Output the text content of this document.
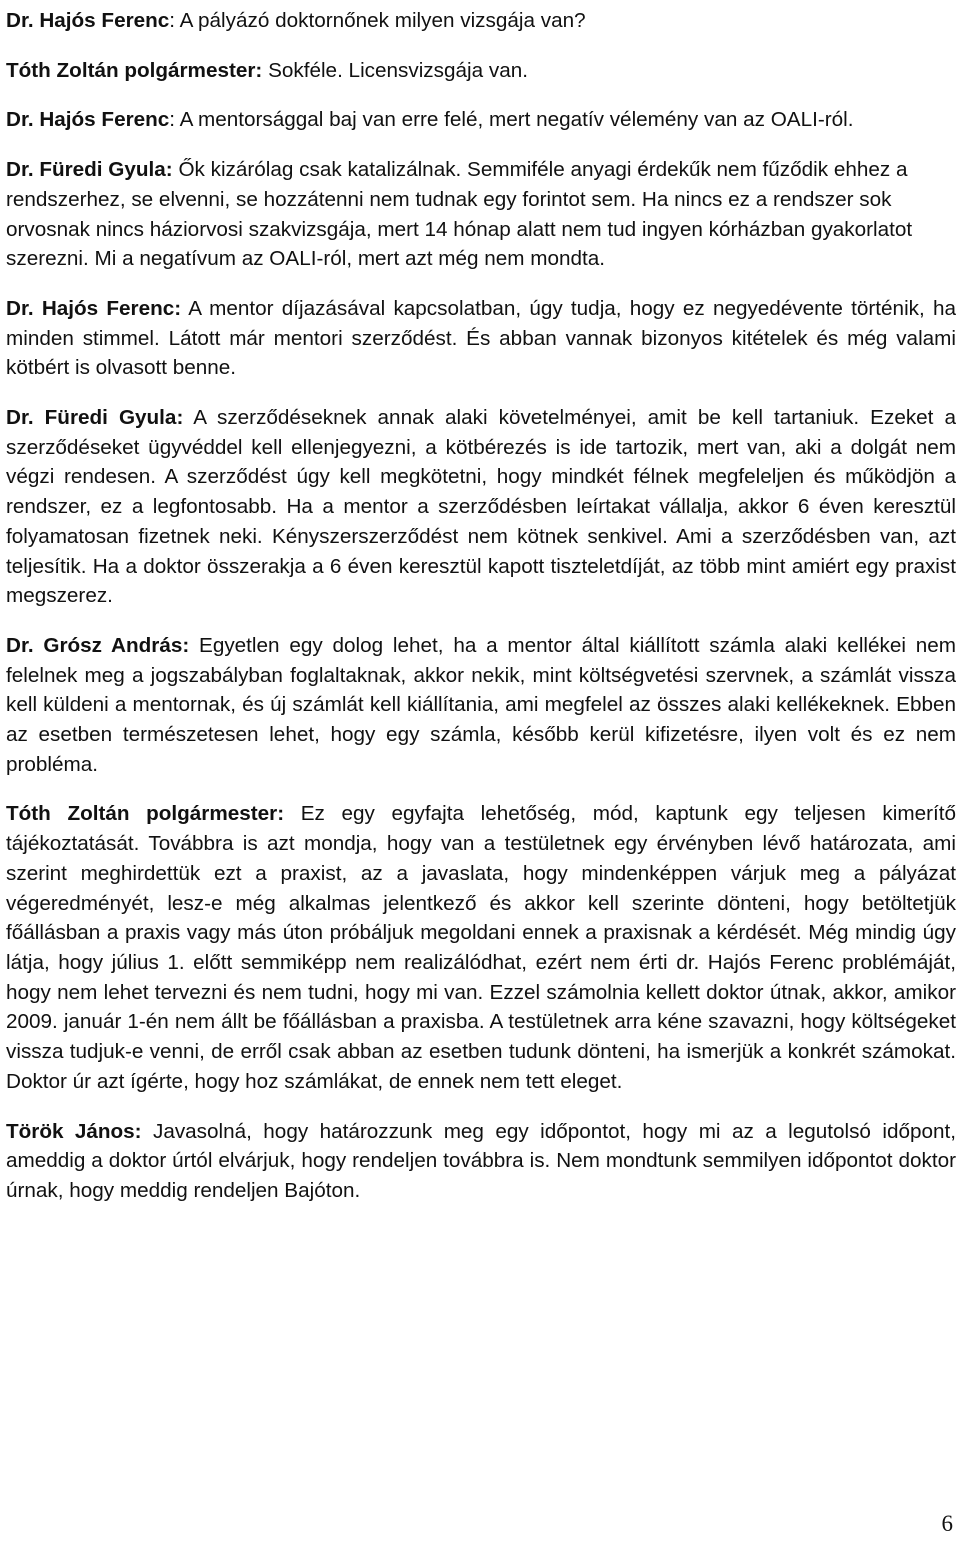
Dr. Hajós Ferenc: A pályázó doktornőnek milyen vizsgája van?

Tóth Zoltán polgármester: Sokféle. Licensvizsgája van.

Dr. Hajós Ferenc: A mentorsággal baj van erre felé, mert negatív vélemény van az OALI-ról.

Dr. Füredi Gyula: Ők kizárólag csak katalizálnak. Semmiféle anyagi érdekűk nem fűződik ehhez a rendszerhez, se elvenni, se hozzátenni nem tudnak egy forintot sem. Ha nincs ez a rendszer sok orvosnak nincs háziorvosi szakvizsgája, mert 14 hónap alatt nem tud ingyen kórházban gyakorlatot szerezni. Mi a negatívum az OALI-ról, mert azt még nem mondta.

Dr. Hajós Ferenc: A mentor díjazásával kapcsolatban, úgy tudja, hogy ez negyedévente történik, ha minden stimmel. Látott már mentori szerződést. És abban vannak bizonyos kitételek és még valami kötbért is olvasott benne.

Dr. Füredi Gyula: A szerződéseknek annak alaki követelményei, amit be kell tartaniuk. Ezeket a szerződéseket ügyvéddel kell ellenjegyezni, a kötbérezés is ide tartozik, mert van, aki a dolgát nem végzi rendesen. A szerződést úgy kell megkötetni, hogy mindkét félnek megfeleljen és működjön a rendszer, ez a legfontosabb. Ha a mentor a szerződésben leírtakat vállalja, akkor 6 éven keresztül folyamatosan fizetnek neki. Kényszerszerződést nem kötnek senkivel. Ami a szerződésben van, azt teljesítik. Ha a doktor összerakja a 6 éven keresztül kapott tiszteletdíját, az több mint amiért egy praxist megszerez.

Dr. Grósz András: Egyetlen egy dolog lehet, ha a mentor által kiállított számla alaki kellékei nem felelnek meg a jogszabályban foglaltaknak, akkor nekik, mint költségvetési szervnek, a számlát vissza kell küldeni a mentornak, és új számlát kell kiállítania, ami megfelel az összes alaki kellékeknek. Ebben az esetben természetesen lehet, hogy egy számla, később kerül kifizetésre, ilyen volt és ez nem probléma.

Tóth Zoltán polgármester: Ez egy egyfajta lehetőség, mód, kaptunk egy teljesen kimerítő tájékoztatását. Továbbra is azt mondja, hogy van a testületnek egy érvényben lévő határozata, ami szerint meghirdettük ezt a praxist, az a javaslata, hogy mindenképpen várjuk meg a pályázat végeredményét, lesz-e még alkalmas jelentkező és akkor kell szerinte dönteni, hogy betöltetjük főállásban a praxis vagy más úton próbáljuk megoldani ennek a praxisnak a kérdését. Még mindig úgy látja, hogy július 1. előtt semmiképp nem realizálódhat, ezért nem érti dr. Hajós Ferenc problémáját, hogy nem lehet tervezni és nem tudni, hogy mi van. Ezzel számolnia kellett doktor útnak, akkor, amikor 2009. január 1-én nem állt be főállásban a praxisba. A testületnek arra kéne szavazni, hogy költségeket vissza tudjuk-e venni, de erről csak abban az esetben tudunk dönteni, ha ismerjük a konkrét számokat. Doktor úr azt ígérte, hogy hoz számlákat, de ennek nem tett eleget.

Török János: Javasolná, hogy határozzunk meg egy időpontot, hogy mi az a legutolsó időpont, ameddig a doktor úrtól elvárjuk, hogy rendeljen továbbra is. Nem mondtunk semmilyen időpontot doktor úrnak, hogy meddig rendeljen Bajóton.

6
